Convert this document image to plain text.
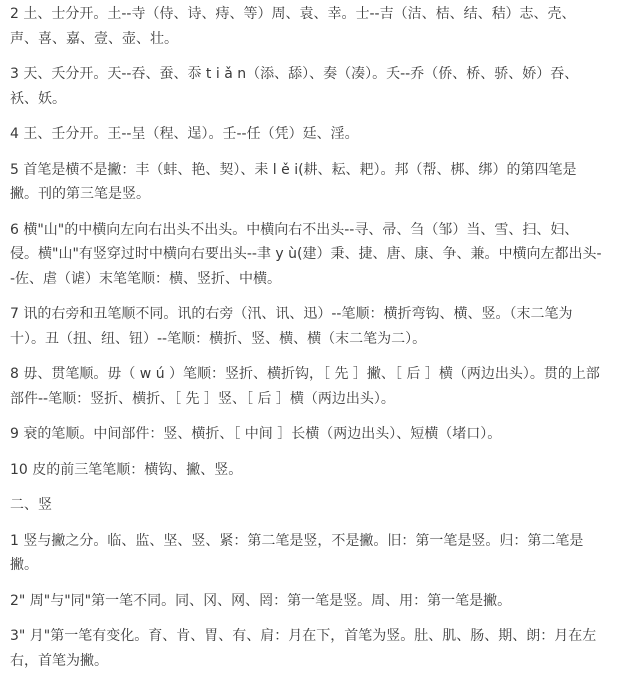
2 土、士分开。土--寺（侍、诗、痔、等）周、袁、幸。士--吉（洁、桔、结、秸）志、壳、
声、喜、嘉、壹、壶、壮。
3 天、夭分开。天--吞、蚕、忝 t i ǎ n（添、舔）、奏（凑）。夭--乔（侨、桥、骄、娇）吞、
袄、妖。
4 王、壬分开。王--呈（程、逞）。壬--任（凭）廷、淫。
5 首笔是横不是撇：丰（蚌、艳、契）、耒 l ě i(耕、耘、耙）。邦（帮、梆、绑）的第四笔是
撇。刊的第三笔是竖。
6 横"山"的中横向左向右出头不出头。中横向右不出头--寻、帚、刍（邹）当、雪、扫、妇、
侵。横"山"有竖穿过时中横向右要出头--聿 y ù(建）秉、捷、唐、康、争、兼。中横向左都出头-
-佐、虐（谑）末笔笔顺：横、竖折、中横。
7 讯的右旁和丑笔顺不同。讯的右旁（汛、讯、迅）--笔顺：横折弯钩、横、竖。（末二笔为
十）。丑（扭、纽、钮）--笔顺：横折、竖、横、横（末二笔为二）。
8 毋、贯笔顺。毋（ w ú ）笔顺：竖折、横折钩，［ 先 ］撇、［ 后 ］横（两边出头）。贯的上部
部件--笔顺：竖折、横折、［ 先 ］竖、［ 后 ］横（两边出头）。
9 衰的笔顺。中间部件：竖、横折、［ 中间 ］长横（两边出头）、短横（堵口）。
10 皮的前三笔笔顺：横钩、撇、竖。
二、竖
1 竖与撇之分。临、监、坚、竖、紧：第二笔是竖，不是撇。旧：第一笔是竖。归：第二笔是
撇。
2" 周"与"同"第一笔不同。同、冈、网、罔：第一笔是竖。周、用：第一笔是撇。
3" 月"第一笔有变化。育、肯、胃、有、肩：月在下，首笔为竖。肚、肌、肠、期、朗：月在左
右，首笔为撇。
